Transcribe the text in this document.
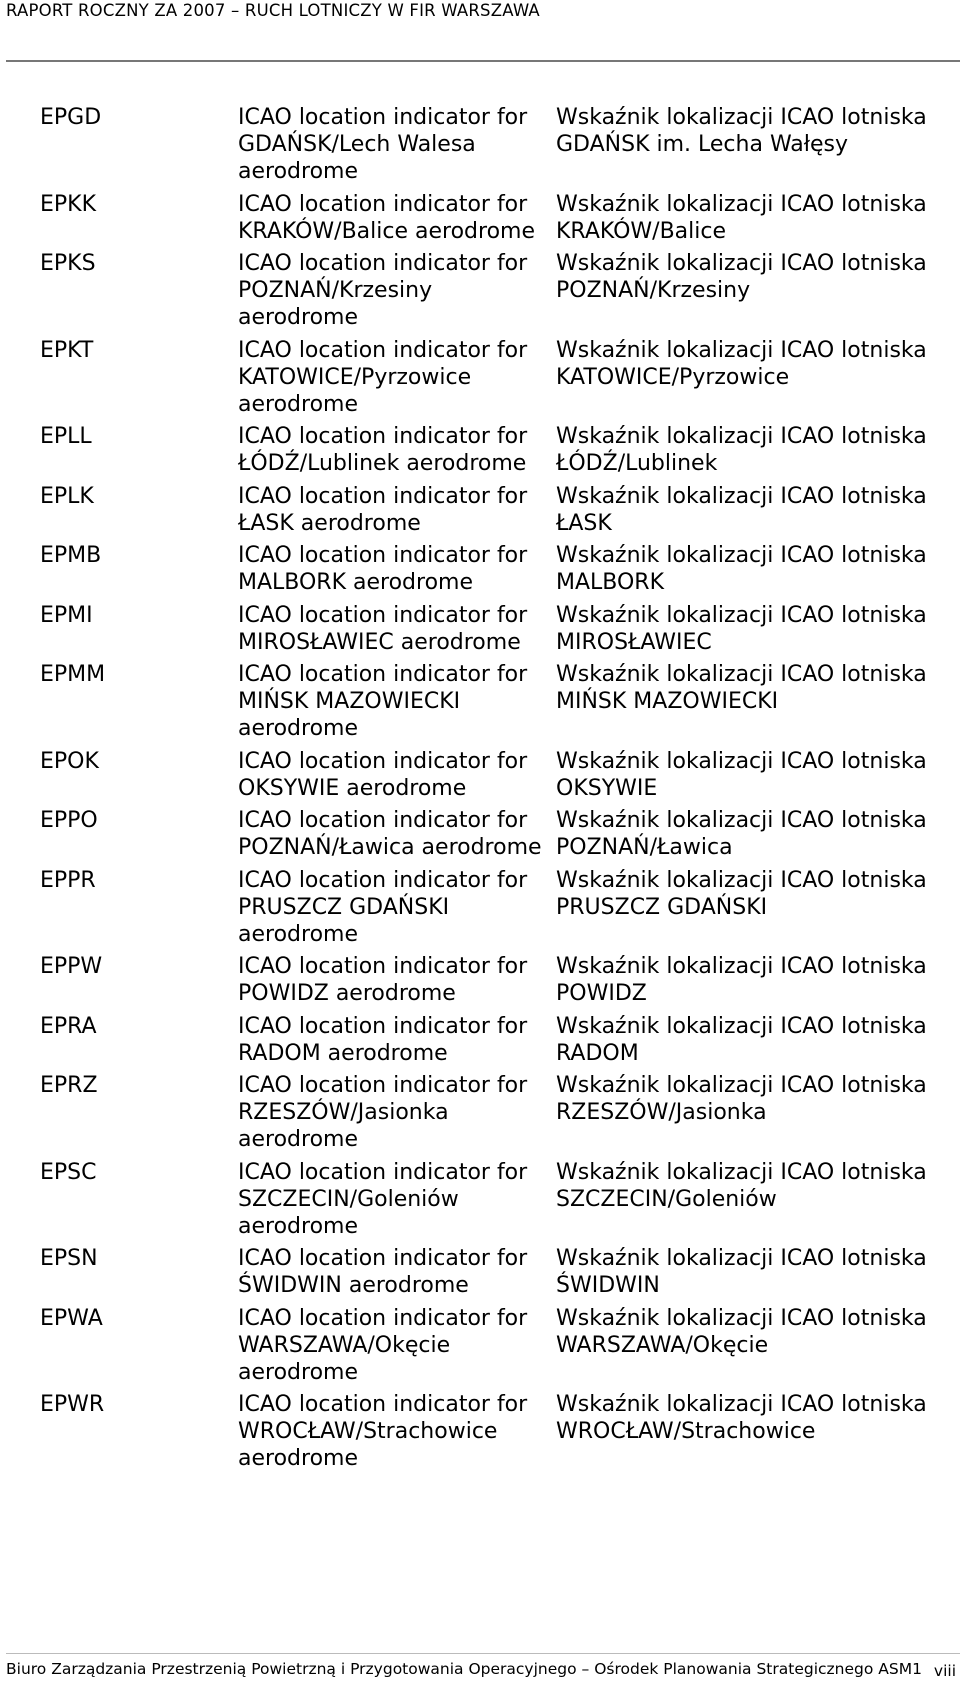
RAPORT ROCZNY ZA 2007 – RUCH LOTNICZY W FIR WARSZAWA
EPGD	ICAO location indicator for GDAŃSK/Lech Walesa aerodrome
Wskaźnik lokalizacji ICAO lotniska GDAŃSK im. Lecha Wałęsy
EPKK	ICAO location indicator for KRAKÓW/Balice aerodrome
Wskaźnik lokalizacji ICAO lotniska KRAKÓW/Balice
EPKS	ICAO location indicator for POZNAŃ/Krzesiny aerodrome
Wskaźnik lokalizacji ICAO lotniska POZNAŃ/Krzesiny
EPKT	ICAO location indicator for KATOWICE/Pyrzowice aerodrome
Wskaźnik lokalizacji ICAO lotniska KATOWICE/Pyrzowice
EPLL	ICAO location indicator for ŁÓDŹ/Lublinek aerodrome
Wskaźnik lokalizacji ICAO lotniska ŁÓDŹ/Lublinek
EPLK	ICAO location indicator for ŁASK aerodrome
Wskaźnik lokalizacji ICAO lotniska ŁASK
EPMB	ICAO location indicator for MALBORK aerodrome
Wskaźnik lokalizacji ICAO lotniska MALBORK
EPMI	ICAO location indicator for MIROSŁAWIEC aerodrome
Wskaźnik lokalizacji ICAO lotniska MIROSŁAWIEC
EPMM	ICAO location indicator for MIŃSK MAZOWIECKI aerodrome
Wskaźnik lokalizacji ICAO lotniska MIŃSK MAZOWIECKI
EPOK	ICAO location indicator for OKSYWIE aerodrome
Wskaźnik lokalizacji ICAO lotniska OKSYWIE
EPPO	ICAO location indicator for POZNAŃ/Ławica aerodrome
Wskaźnik lokalizacji ICAO lotniska POZNAŃ/Ławica
EPPR	ICAO location indicator for PRUSZCZ GDAŃSKI aerodrome
Wskaźnik lokalizacji ICAO lotniska PRUSZCZ GDAŃSKI
EPPW	ICAO location indicator for POWIDZ aerodrome
Wskaźnik lokalizacji ICAO lotniska POWIDZ
EPRA	ICAO location indicator for RADOM aerodrome
Wskaźnik lokalizacji ICAO lotniska RADOM
EPRZ	ICAO location indicator for RZESZÓW/Jasionka aerodrome
Wskaźnik lokalizacji ICAO lotniska RZESZÓW/Jasionka
EPSC	ICAO location indicator for SZCZECIN/Goleniów aerodrome
Wskaźnik lokalizacji ICAO lotniska SZCZECIN/Goleniów
EPSN	ICAO location indicator for ŚWIDWIN aerodrome
Wskaźnik lokalizacji ICAO lotniska ŚWIDWIN
EPWA	ICAO location indicator for WARSZAWA/Okęcie aerodrome
Wskaźnik lokalizacji ICAO lotniska WARSZAWA/Okęcie
EPWR	ICAO location indicator for WROCŁAW/Strachowice aerodrome
Wskaźnik lokalizacji ICAO lotniska WROCŁAW/Strachowice
Biuro Zarządzania Przestrzenią Powietrzną i Przygotowania Operacyjnego – Ośrodek Planowania Strategicznego ASM1 viii
